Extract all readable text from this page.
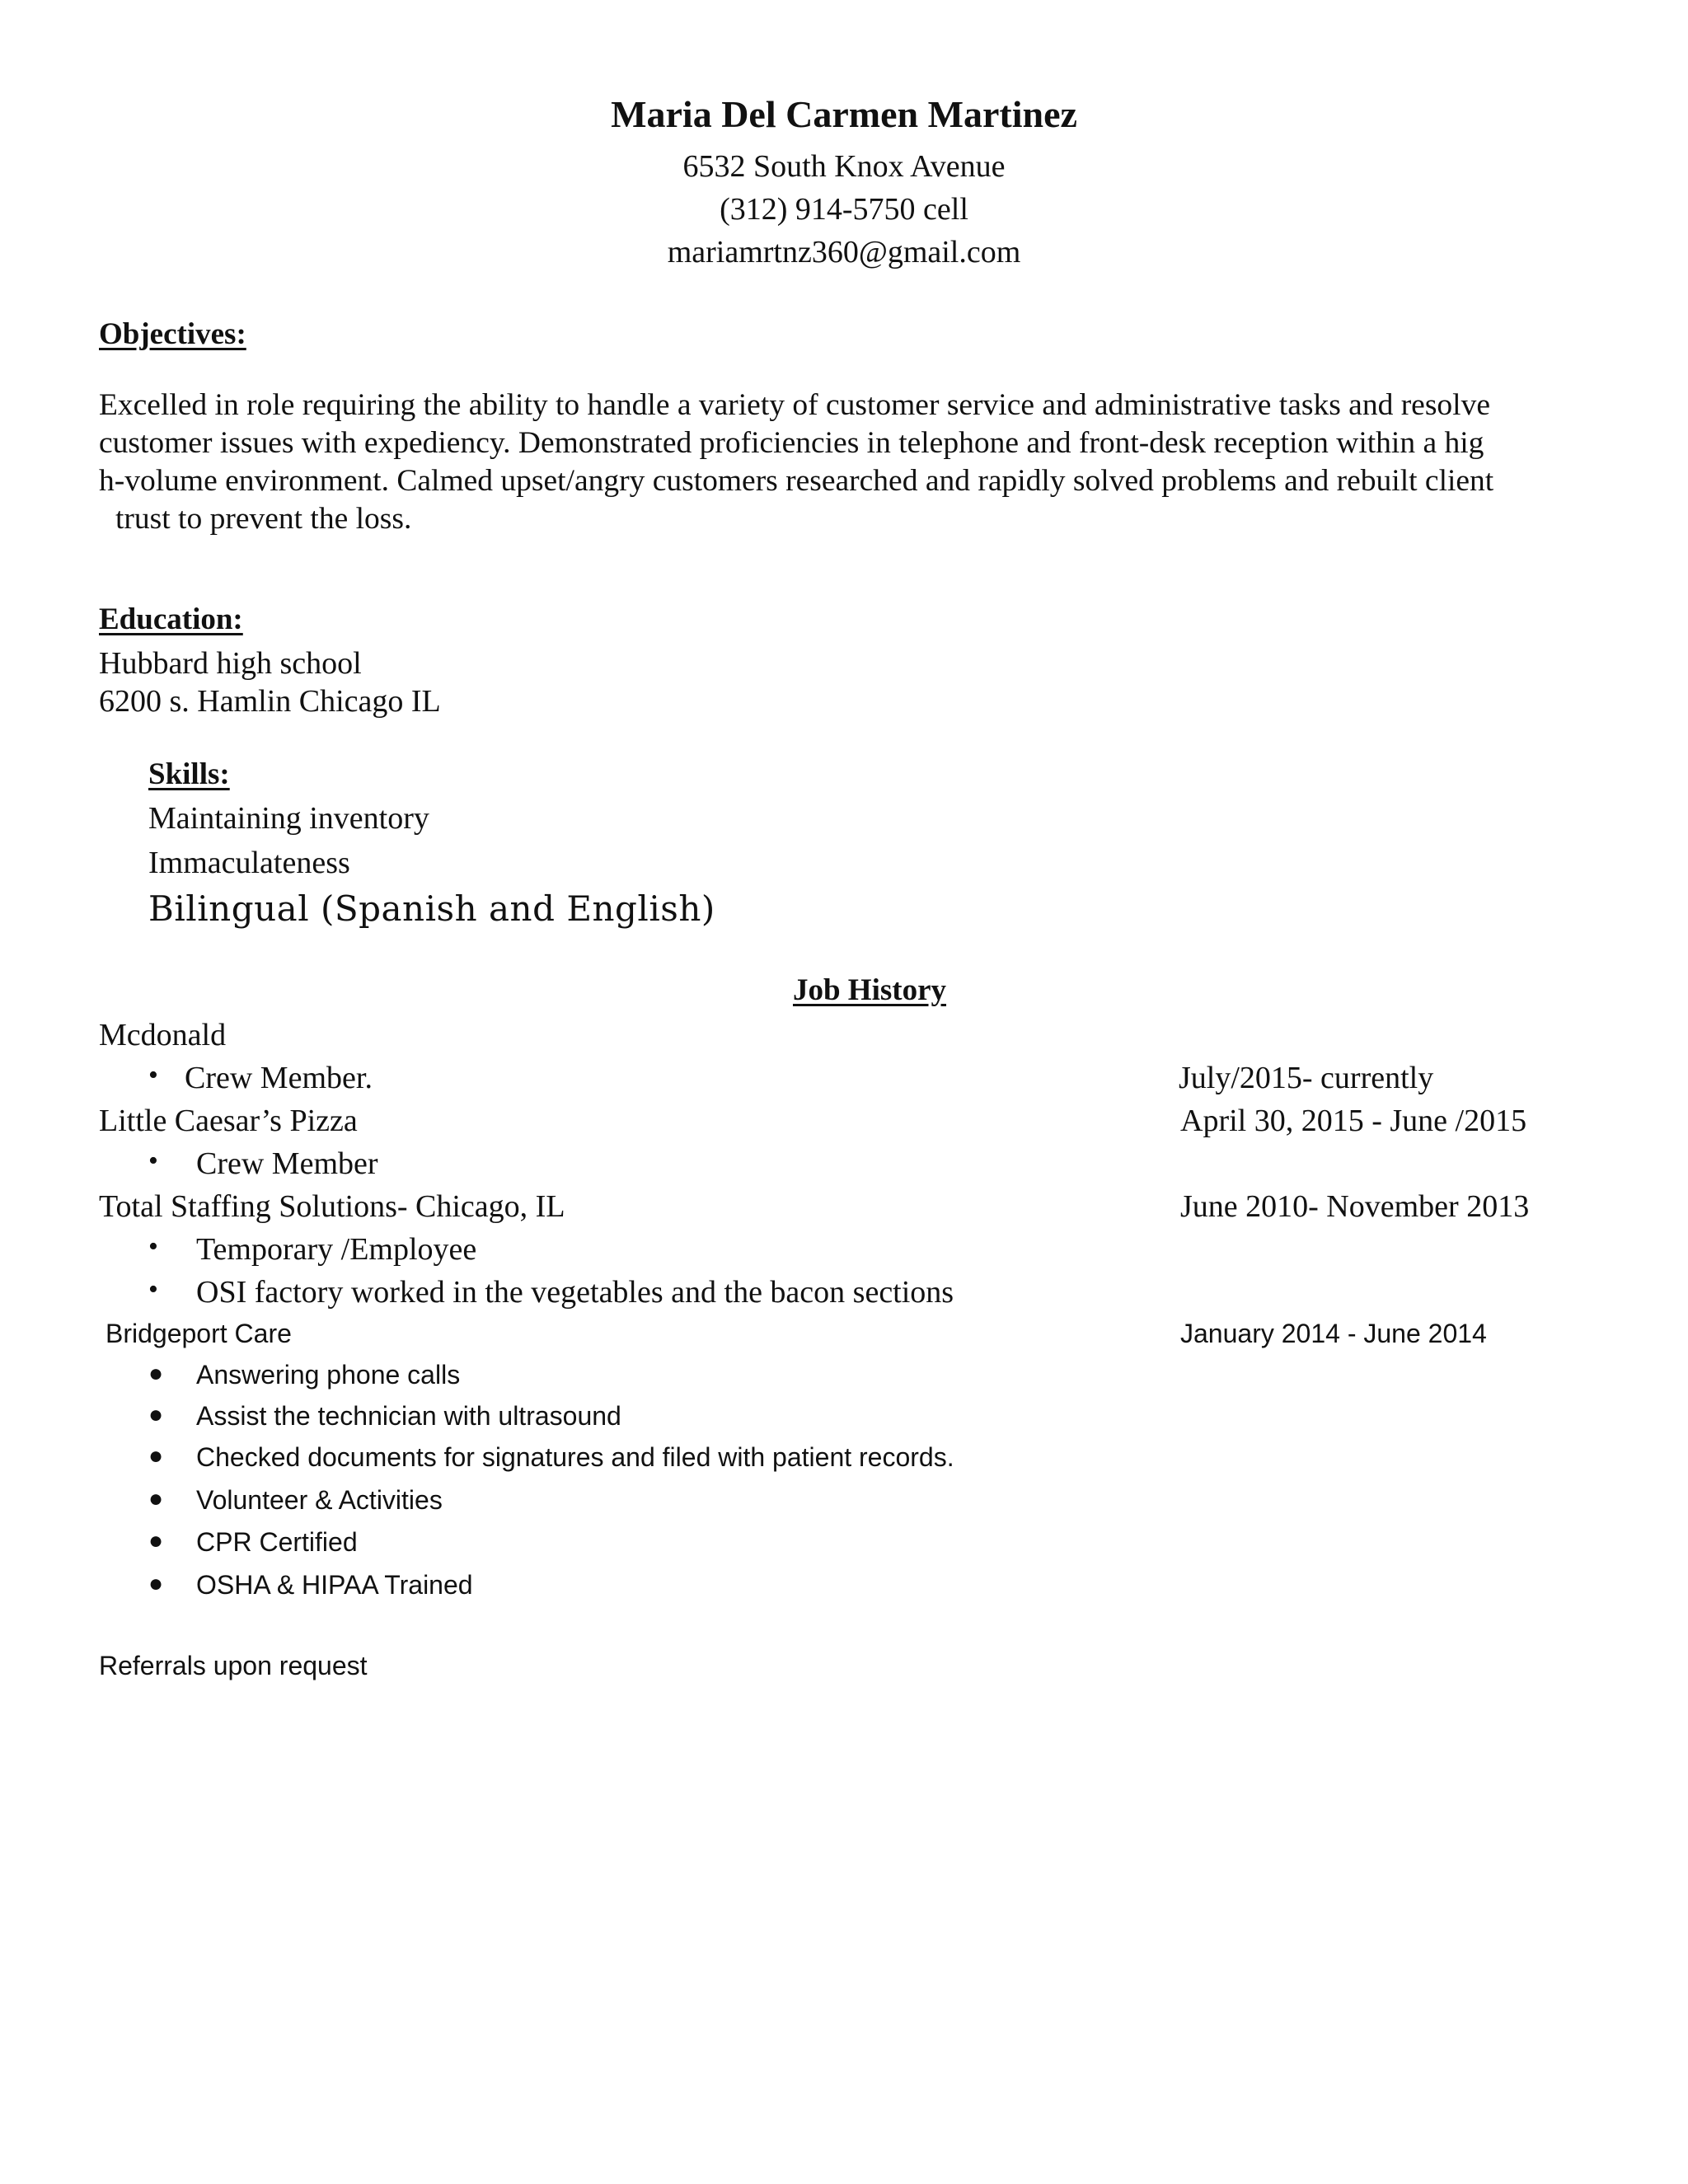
Maria Del Carmen Martinez
6532 South Knox Avenue
(312) 914-5750 cell
mariamrtnz360@gmail.com
Objectives:
Excelled in role requiring the ability to handle a variety of customer service and administrative tasks and resolve
customer issues with expediency. Demonstrated proficiencies in telephone and front-desk reception within a hig
h-volume environment. Calmed upset/angry customers researched and rapidly solved problems and rebuilt client
trust to prevent the loss.
Education:
Hubbard high school
6200 s. Hamlin Chicago IL
Skills:
Maintaining inventory
Immaculateness
Bilingual (Spanish and English)
Job History
Mcdonald
• Crew Member.	July/2015- currently
Little Caesar’s Pizza	April 30, 2015 - June /2015
• Crew Member
Total Staffing Solutions- Chicago, IL	June 2010- November 2013
• Temporary /Employee
• OSI factory worked in the vegetables and the bacon sections
Bridgeport Care	January 2014 - June 2014
● Answering phone calls
● Assist the technician with ultrasound
● Checked documents for signatures and filed with patient records.
● Volunteer & Activities
● CPR Certified
● OSHA & HIPAA Trained
Referrals upon request
